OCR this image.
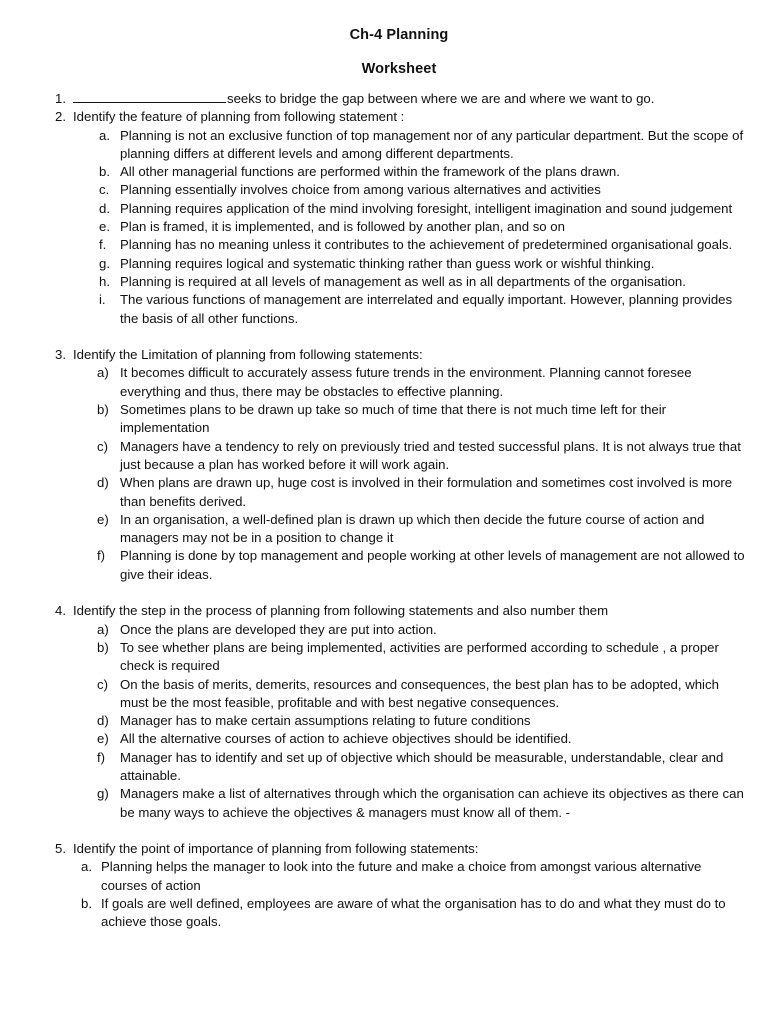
Ch-4 Planning
Worksheet
1.	seeks to bridge the gap between where we are and where we want to go.
2. Identify the feature of planning from following statement :
a. Planning is not an exclusive function of top management nor of any particular department. But the scope of planning differs at different levels and among different departments.
b. All other managerial functions are performed within the framework of the plans drawn.
c. Planning essentially involves choice from among various alternatives and activities
d. Planning requires application of the mind involving foresight, intelligent imagination and sound judgement
e. Plan is framed, it is implemented, and is followed by another plan, and so on
f. Planning has no meaning unless it contributes to the achievement of predetermined organisational goals.
g. Planning requires logical and systematic thinking rather than guess work or wishful thinking.
h. Planning is required at all levels of management as well as in all departments of the organisation.
i. The various functions of management are interrelated and equally important. However, planning provides the basis of all other functions.
3. Identify the Limitation of planning from following statements:
a) It becomes difficult to accurately assess future trends in the environment. Planning cannot foresee everything and thus, there may be obstacles to effective planning.
b) Sometimes plans to be drawn up take so much of time that there is not much time left for their implementation
c) Managers have a tendency to rely on previously tried and tested successful plans. It is not always true that just because a plan has worked before it will work again.
d) When plans are drawn up, huge cost is involved in their formulation and sometimes cost involved is more than benefits derived.
e) In an organisation, a well-defined plan is drawn up which then decide the future course of action and managers may not be in a position to change it
f) Planning is done by top management and people working at other levels of management are not allowed to give their ideas.
4. Identify the step in the process of planning from following statements and also number them
a) Once the plans are developed they are put into action.
b) To see whether plans are being implemented, activities are performed according to schedule , a proper check is required
c) On the basis of merits, demerits, resources and consequences, the best plan has to be adopted, which must be the most feasible, profitable and with best negative consequences.
d) Manager has to make certain assumptions relating to future conditions
e) All the alternative courses of action to achieve objectives should be identified.
f) Manager has to identify and set up of objective which should be measurable, understandable, clear and attainable.
g) Managers make a list of alternatives through which the organisation can achieve its objectives as there can be many ways to achieve the objectives & managers must know all of them. -
5. Identify the point of importance of planning from following statements:
a. Planning helps the manager to look into the future and make a choice from amongst various alternative courses of action
b. If goals are well defined, employees are aware of what the organisation has to do and what they must do to achieve those goals.
